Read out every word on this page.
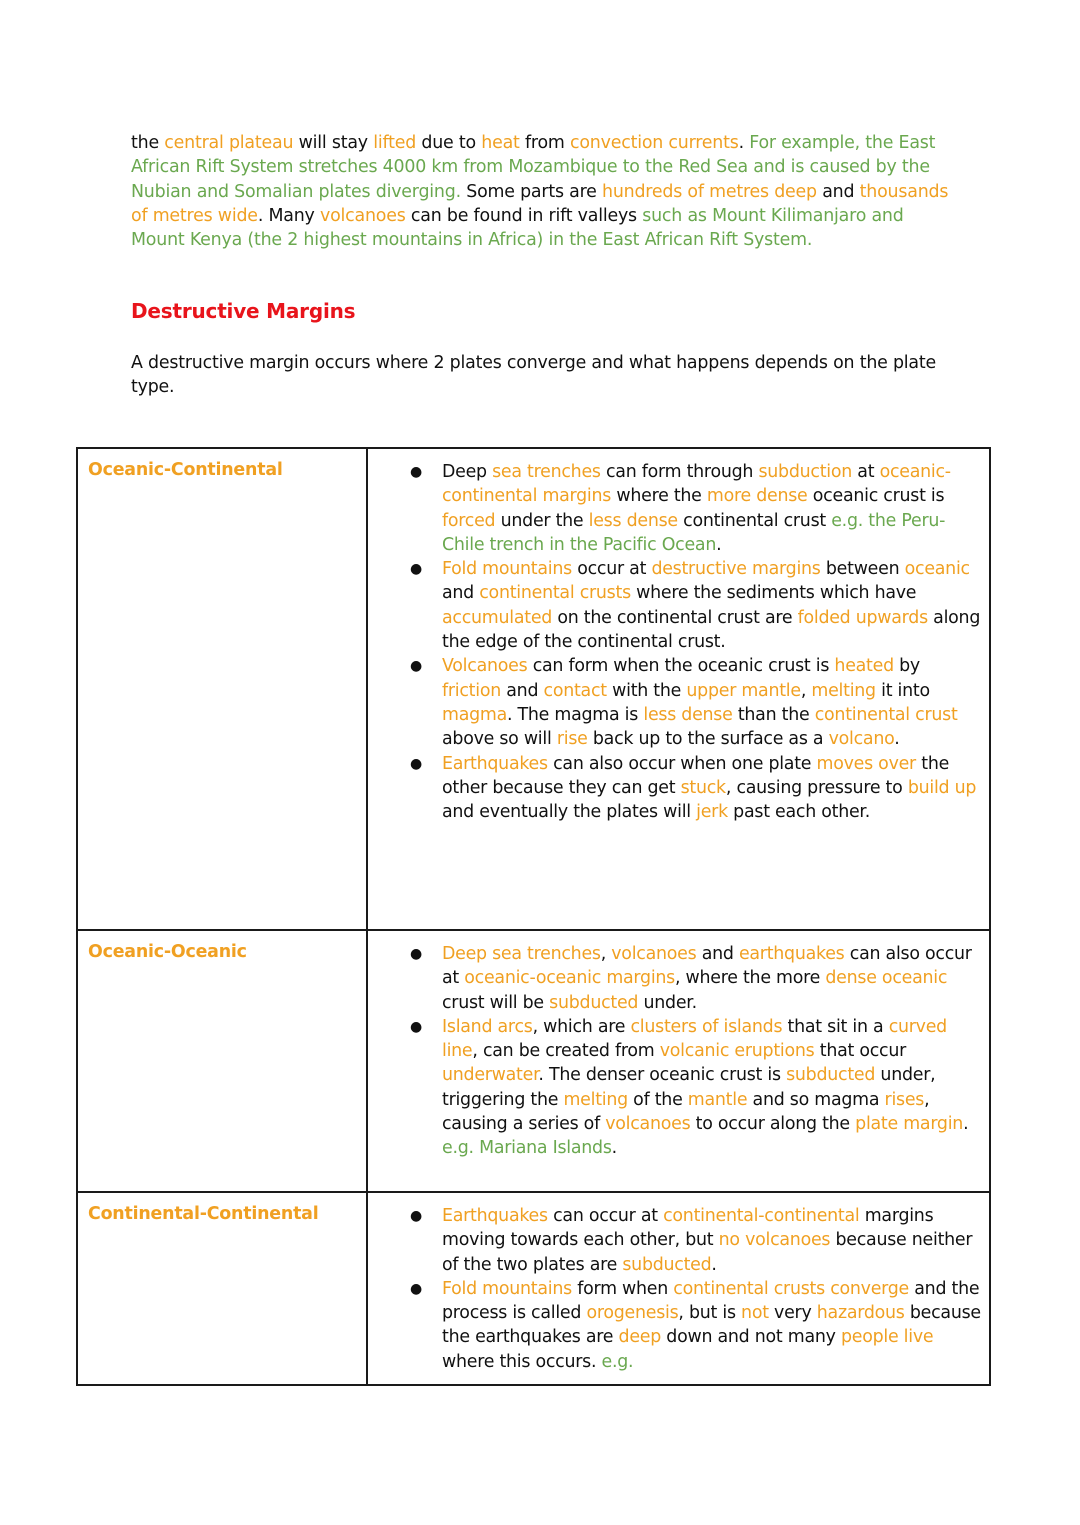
the central plateau will stay lifted due to heat from convection currents. For example, the East African Rift System stretches 4000 km from Mozambique to the Red Sea and is caused by the Nubian and Somalian plates diverging. Some parts are hundreds of metres deep and thousands of metres wide. Many volcanoes can be found in rift valleys such as Mount Kilimanjaro and Mount Kenya (the 2 highest mountains in Africa) in the East African Rift System.

Destructive Margins

A destructive margin occurs where 2 plates converge and what happens depends on the plate type.

Oceanic-Continental	● Deep sea trenches can form through subduction at oceanic-continental margins where the more dense oceanic crust is forced under the less dense continental crust e.g. the Peru-Chile trench in the Pacific Ocean.
● Fold mountains occur at destructive margins between oceanic and continental crusts where the sediments which have accumulated on the continental crust are folded upwards along the edge of the continental crust.
● Volcanoes can form when the oceanic crust is heated by friction and contact with the upper mantle, melting it into magma. The magma is less dense than the continental crust above so will rise back up to the surface as a volcano.
● Earthquakes can also occur when one plate moves over the other because they can get stuck, causing pressure to build up and eventually the plates will jerk past each other.

Oceanic-Oceanic	● Deep sea trenches, volcanoes and earthquakes can also occur at oceanic-oceanic margins, where the more dense oceanic crust will be subducted under.
● Island arcs, which are clusters of islands that sit in a curved line, can be created from volcanic eruptions that occur underwater. The denser oceanic crust is subducted under, triggering the melting of the mantle and so magma rises, causing a series of volcanoes to occur along the plate margin. e.g. Mariana Islands.

Continental-Continental	● Earthquakes can occur at continental-continental margins moving towards each other, but no volcanoes because neither of the two plates are subducted.
● Fold mountains form when continental crusts converge and the process is called orogenesis, but is not very hazardous because the earthquakes are deep down and not many people live where this occurs. e.g.
